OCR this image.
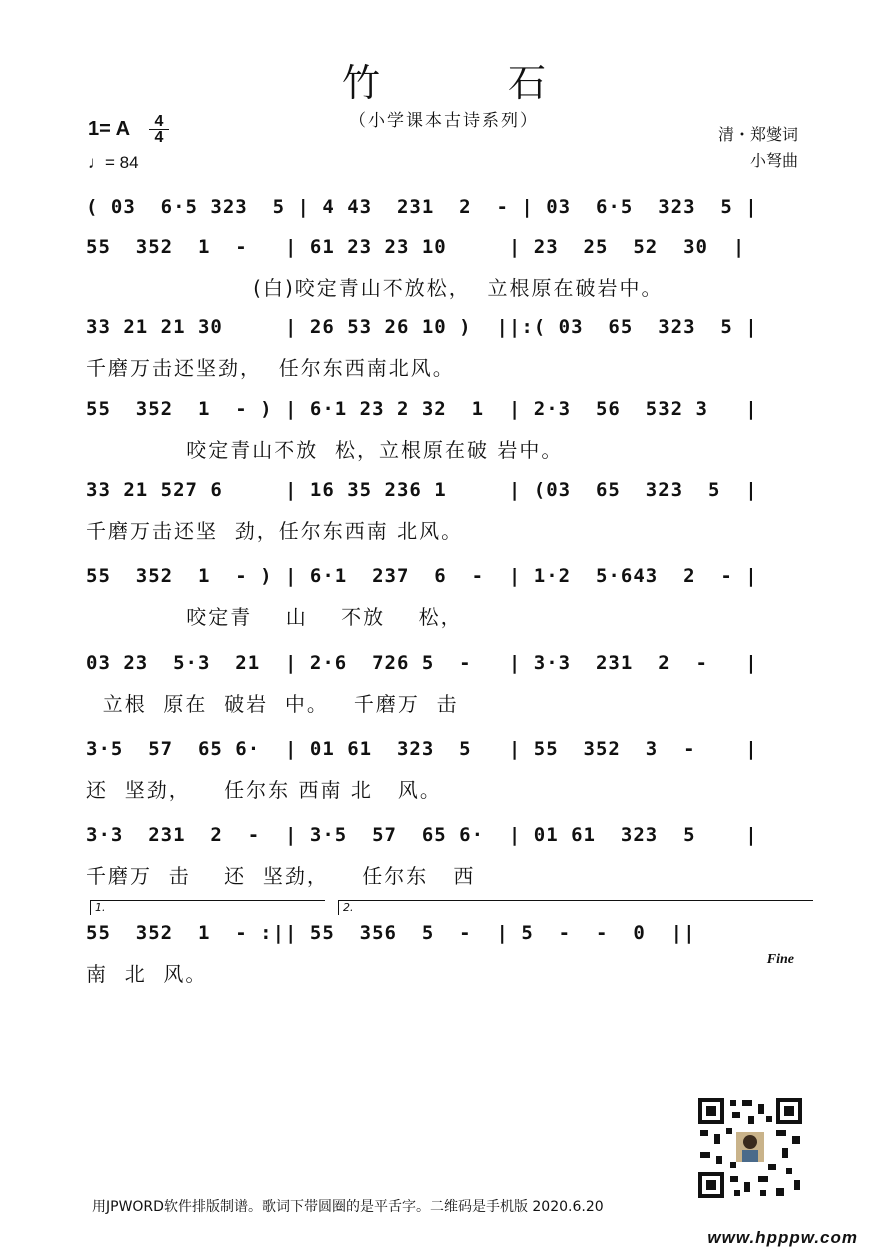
竹 石
（小学课本古诗系列）
1= A	4
4
♩= 84
清・郑燮词
小弩曲
( 03  6·5 323  5 | 4 43  231  2  - | 03  6·5  323  5 |
55  352  1  -   | 61 23 23 10     | 23  25  52  30  |
(白)咬定青山不放松，  立根原在破岩中。
33 21 21 30     | 26 53 26 10 )  ||:( 03  65  323  5 |
千磨万击还坚劲，  任尔东西南北风。
55  352  1  - ) | 6·1 23 2 32  1  | 2·3  56  532 3   |
咬定青山不放  松，立根原在破 岩中。
33 21 527 6     | 16 35 236 1     | (03  65  323  5  |
千磨万击还坚  劲，任尔东西南 北风。
55  352  1  - ) | 6·1  237  6  -  | 1·2  5·643  2  - |
咬定青    山    不放    松，
03 23  5·3  21  | 2·6  726 5  -   | 3·3  231  2  -   |
立根  原在  破岩  中。   千磨万  击
3·5  57  65 6·  | 01 61  323  5   | 55  352  3  -    |
还  坚劲，    任尔东 西南 北   风。
3·3  231  2  -  | 3·5  57  65 6·  | 01 61  323  5    |
千磨万  击    还  坚劲，    任尔东   西
55  352  1  - :|| 55  356  5  -  | 5  -  -  0  ||
南  北  风。
1.	2.
Fine
用JPWORD软件排版制谱。歌词下带圆圈的是平舌字。二维码是手机版 2020.6.20
www.hpppw.com
